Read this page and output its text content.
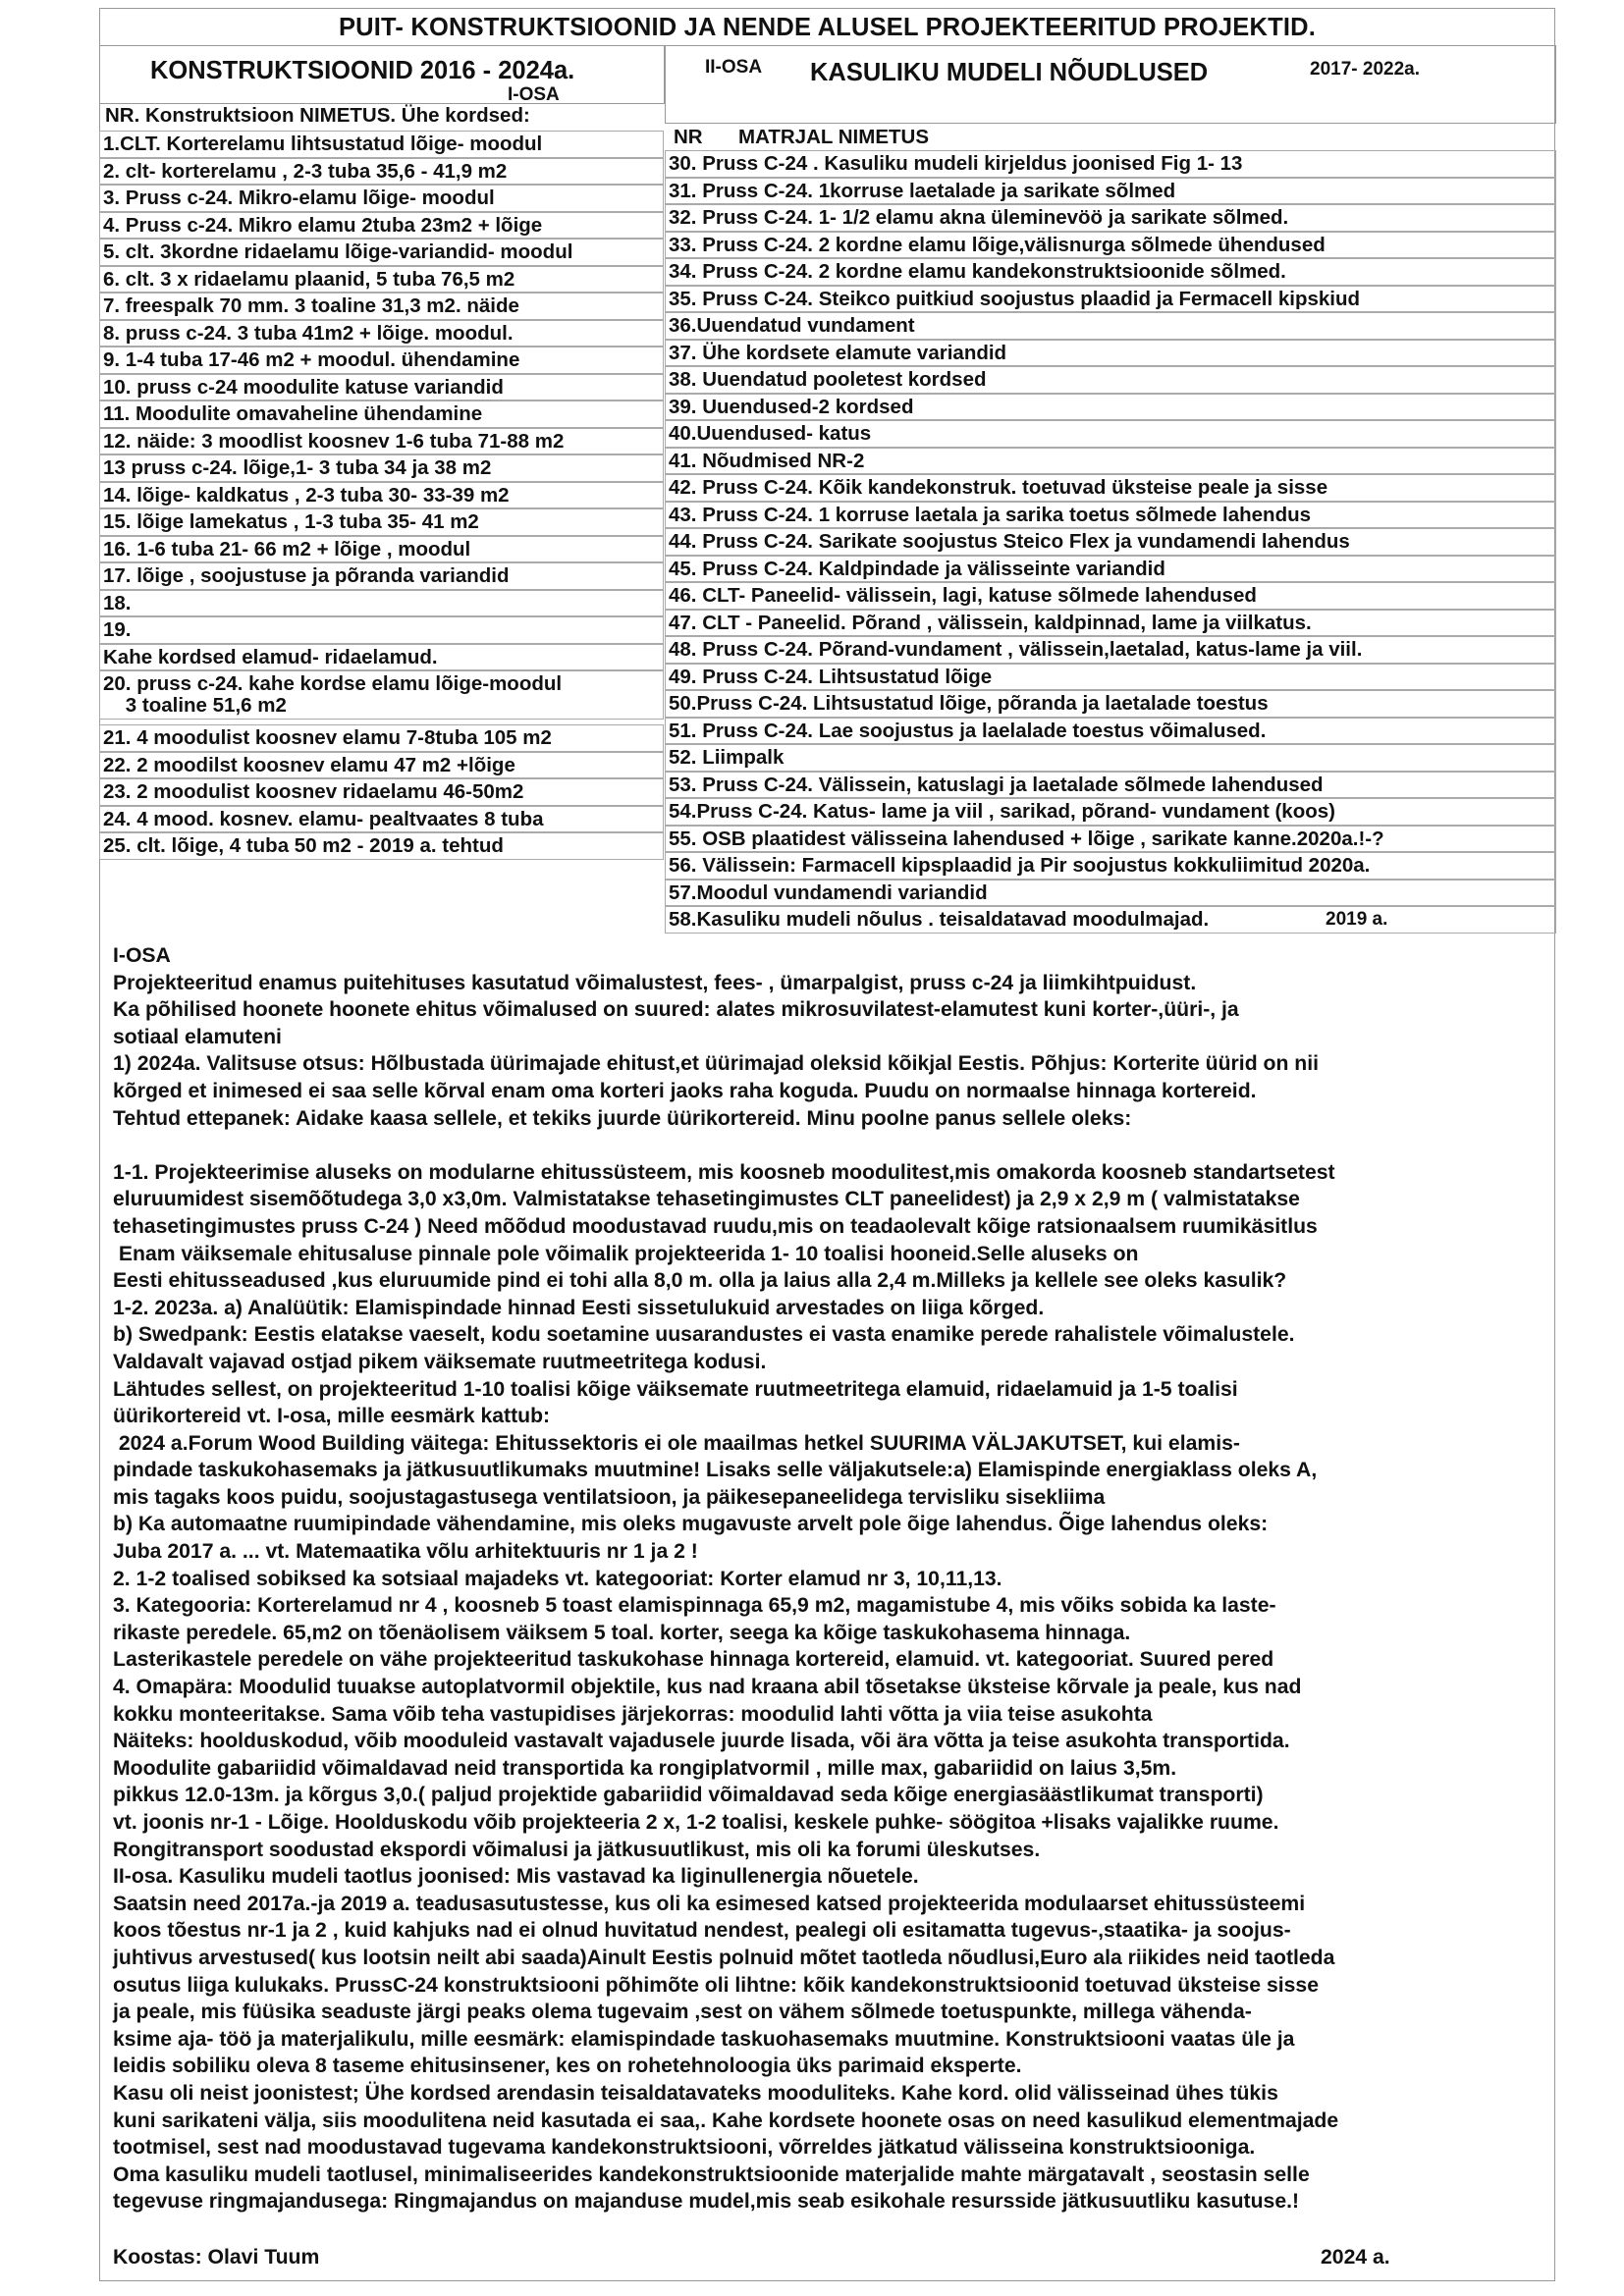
PUIT- KONSTRUKTSIOONID JA NENDE ALUSEL PROJEKTEERITUD PROJEKTID.
KONSTRUKTSIOONID 2016 - 2024a.
I-OSA
NR. Konstruktsioon NIMETUS. Ühe kordsed:
II-OSA KASULIKU MUDELI NÕUDLUSED	2017- 2022a.
NR MATRJAL NIMETUS
1.CLT. Korterelamu lihtsustatud lõige- moodul
2. clt- korterelamu , 2-3 tuba 35,6 - 41,9 m2
3. Pruss c-24. Mikro-elamu lõige- moodul
4. Pruss c-24. Mikro elamu 2tuba 23m2 + lõige
5. clt. 3kordne ridaelamu lõige-variandid- moodul
6. clt. 3 x ridaelamu plaanid, 5 tuba 76,5 m2
7. freespalk 70 mm. 3 toaline 31,3 m2. näide
8. pruss c-24. 3 tuba 41m2 + lõige. moodul.
9. 1-4 tuba 17-46 m2 + moodul. ühendamine
10. pruss c-24 moodulite katuse variandid
11. Moodulite omavaheline ühendamine
12. näide: 3 moodlist koosnev 1-6 tuba 71-88 m2
13 pruss c-24. lõige,1- 3 tuba 34 ja 38 m2
14. lõige- kaldkatus , 2-3 tuba 30- 33-39 m2
15. lõige lamekatus , 1-3 tuba 35- 41 m2
16. 1-6 tuba 21- 66 m2 + lõige , moodul
17. lõige , soojustuse ja põranda variandid
18.
19.
Kahe kordsed elamud- ridaelamud.
20. pruss c-24. kahe kordse elamu lõige-moodul
3 toaline 51,6 m2
21. 4 moodulist koosnev elamu 7-8tuba 105 m2
22. 2 moodilst koosnev elamu 47 m2 +lõige
23. 2 moodulist koosnev ridaelamu 46-50m2
24. 4 mood. kosnev. elamu- pealtvaates 8 tuba
25. clt. lõige, 4 tuba 50 m2 - 2019 a. tehtud
30. Pruss C-24 . Kasuliku mudeli kirjeldus joonised Fig 1- 13
31. Pruss C-24. 1korruse laetalade ja sarikate sõlmed
32. Pruss C-24. 1- 1/2 elamu akna üleminevöö ja sarikate sõlmed.
33. Pruss C-24. 2 kordne elamu lõige,välisnurga sõlmede ühendused
34. Pruss C-24. 2 kordne elamu kandekonstruktsioonide sõlmed.
35. Pruss C-24. Steikco puitkiud soojustus plaadid ja Fermacell kipskiud
36.Uuendatud vundament
37. Ühe kordsete elamute variandid
38. Uuendatud pooletest kordsed
39. Uuendused-2 kordsed
40.Uuendused- katus
41. Nõudmised NR-2
42. Pruss C-24. Kõik kandekonstruk. toetuvad üksteise peale ja sisse
43. Pruss C-24. 1 korruse laetala ja sarika toetus sõlmede lahendus
44. Pruss C-24. Sarikate soojustus Steico Flex ja vundamendi lahendus
45. Pruss C-24. Kaldpindade ja välisseinte variandid
46. CLT- Paneelid- välissein, lagi, katuse sõlmede lahendused
47. CLT - Paneelid. Põrand , välissein, kaldpinnad, lame ja viilkatus.
48. Pruss C-24. Põrand-vundament , välissein,laetalad, katus-lame ja viil.
49. Pruss C-24. Lihtsustatud lõige
50.Pruss C-24. Lihtsustatud lõige, põranda ja laetalade toestus
51. Pruss C-24. Lae soojustus ja laelalade toestus võimalused.
52. Liimpalk
53. Pruss C-24. Välissein, katuslagi ja laetalade sõlmede lahendused
54.Pruss C-24. Katus- lame ja viil , sarikad, põrand- vundament (koos)
55. OSB plaatidest välisseina lahendused + lõige , sarikate kanne.2020a.!-?
56. Välissein: Farmacell kipsplaadid ja Pir soojustus kokkuliimitud 2020a.
57.Moodul vundamendi variandid
58.Kasuliku mudeli nõulus . teisaldatavad moodulmajad.	2019 a.
I-OSA
Projekteeritud enamus puitehituses kasutatud võimalustest, fees- , ümarpalgist, pruss c-24 ja liimkihtpuidust.
Ka põhilised hoonete hoonete ehitus võimalused on suured: alates mikrosuvilatest-elamutest kuni korter-,üüri-, ja
sotiaal elamuteni
1) 2024a. Valitsuse otsus: Hõlbustada üürimajade ehitust,et üürimajad oleksid kõikjal Eestis. Põhjus: Korterite üürid on nii
kõrged et inimesed ei saa selle kõrval enam oma korteri jaoks raha koguda. Puudu on normaalse hinnaga kortereid.
Tehtud ettepanek: Aidake kaasa sellele, et tekiks juurde üürikortereid. Minu poolne panus sellele oleks:
1-1. Projekteerimise aluseks on modularne ehitussüsteem, mis koosneb moodulitest,mis omakorda koosneb standartsetest
eluruumidest sisemõõtudega 3,0 x3,0m. Valmistatakse tehasetingimustes CLT paneelidest) ja 2,9 x 2,9 m ( valmistatakse
tehasetingimustes pruss C-24 ) Need mõõdud moodustavad ruudu,mis on teadaolevalt kõige ratsionaalsem ruumikäsitlus
Enam väiksemale ehitusaluse pinnale pole võimalik projekteerida 1- 10 toalisi hooneid.Selle aluseks on
Eesti ehitusseadused ,kus eluruumide pind ei tohi alla 8,0 m. olla ja laius alla 2,4 m.Milleks ja kellele see oleks kasulik?
1-2. 2023a. a) Analüütik: Elamispindade hinnad Eesti sissetulukuid arvestades on liiga kõrged.
b) Swedpank: Eestis elatakse vaeselt, kodu soetamine uusarandustes ei vasta enamike perede rahalistele võimalustele.
Valdavalt vajavad ostjad pikem väiksemate ruutmeetritega kodusi.
Lähtudes sellest, on projekteeritud 1-10 toalisi kõige väiksemate ruutmeetritega elamuid, ridaelamuid ja 1-5 toalisi
üürikortereid vt. I-osa, mille eesmärk kattub:
2024 a.Forum Wood Building väitega: Ehitussektoris ei ole maailmas hetkel SUURIMA VÄLJAKUTSET, kui elamis-
pindade taskukohasemaks ja jätkusuutlikumaks muutmine! Lisaks selle väljakutsele:a) Elamispinde energiaklass oleks A,
mis tagaks koos puidu, soojustagastusega ventilatsioon, ja päikesepaneelidega tervisliku sisekliima
b) Ka automaatne ruumipindade vähendamine, mis oleks mugavuste arvelt pole õige lahendus. Õige lahendus oleks:
Juba 2017 a. ... vt. Matemaatika võlu arhitektuuris nr 1 ja 2 !
2. 1-2 toalised sobiksed ka sotsiaal majadeks vt. kategooriat: Korter elamud nr 3, 10,11,13.
3. Kategooria: Korterelamud nr 4 , koosneb 5 toast elamispinnaga 65,9 m2, magamistube 4, mis võiks sobida ka laste-
rikaste peredele. 65,m2 on tõenäolisem väiksem 5 toal. korter, seega ka kõige taskukohasema hinnaga.
Lasterikastele peredele on vähe projekteeritud taskukohase hinnaga kortereid, elamuid. vt. kategooriat. Suured pered
4. Omapära: Moodulid tuuakse autoplatvormil objektile, kus nad kraana abil tõsetakse üksteise kõrvale ja peale, kus nad
kokku monteeritakse. Sama võib teha vastupidises järjekorras: moodulid lahti võtta ja viia teise asukohta
Näiteks: hoolduskodud, võib mooduleid vastavalt vajadusele juurde lisada, või ära võtta ja teise asukohta transportida.
Moodulite gabariidid võimaldavad neid transportida ka rongiplatvormil , mille max, gabariidid on laius 3,5m.
pikkus 12.0-13m. ja kõrgus 3,0.( paljud projektide gabariidid võimaldavad seda kõige energiasäästlikumat transporti)
vt. joonis nr-1 - Lõige. Hoolduskodu võib projekteeria 2 x, 1-2 toalisi, keskele puhke- söögitoa +lisaks vajalikke ruume.
Rongitransport soodustad ekspordi võimalusi ja jätkusuutlikust, mis oli ka forumi üleskutses.
II-osa. Kasuliku mudeli taotlus joonised: Mis vastavad ka liginullenergia nõuetele.
Saatsin need 2017a.-ja 2019 a. teadusasutustesse, kus oli ka esimesed katsed projekteerida modulaarset ehitussüsteemi
koos tõestus nr-1 ja 2 , kuid kahjuks nad ei olnud huvitatud nendest, pealegi oli esitamatta tugevus-,staatika- ja soojus-
juhtivus arvestused( kus lootsin neilt abi saada)Ainult Eestis polnuid mõtet taotleda nõudlusi,Euro ala riikides neid taotleda
osutus liiga kulukaks. PrussC-24 konstruktsiooni põhimõte oli lihtne: kõik kandekonstruktsioonid toetuvad üksteise sisse
ja peale, mis füüsika seaduste järgi peaks olema tugevaim ,sest on vähem sõlmede toetuspunkte, millega vähenda-
ksime aja- töö ja materjalikulu, mille eesmärk: elamispindade taskuohasemaks muutmine. Konstruktsiooni vaatas üle ja
leidis sobiliku oleva 8 taseme ehitusinsener, kes on rohetehnoloogia üks parimaid eksperte.
Kasu oli neist joonistest; Ühe kordsed arendasin teisaldatavateks mooduliteks. Kahe kord. olid välisseinad ühes tükis
kuni sarikateni välja, siis moodulitena neid kasutada ei saa,. Kahe kordsete hoonete osas on need kasulikud elementmajade
tootmisel, sest nad moodustavad tugevama kandekonstruktsiooni, võrreldes jätkatud välisseina konstruktsiooniga.
Oma kasuliku mudeli taotlusel, minimaliseerides kandekonstruktsioonide materjalide mahte märgatavalt , seostasin selle
tegevuse ringmajandusega: Ringmajandus on majanduse mudel,mis seab esikohale resursside jätkusuutliku kasutuse.!
Koostas: Olavi Tuum	2024 a.
